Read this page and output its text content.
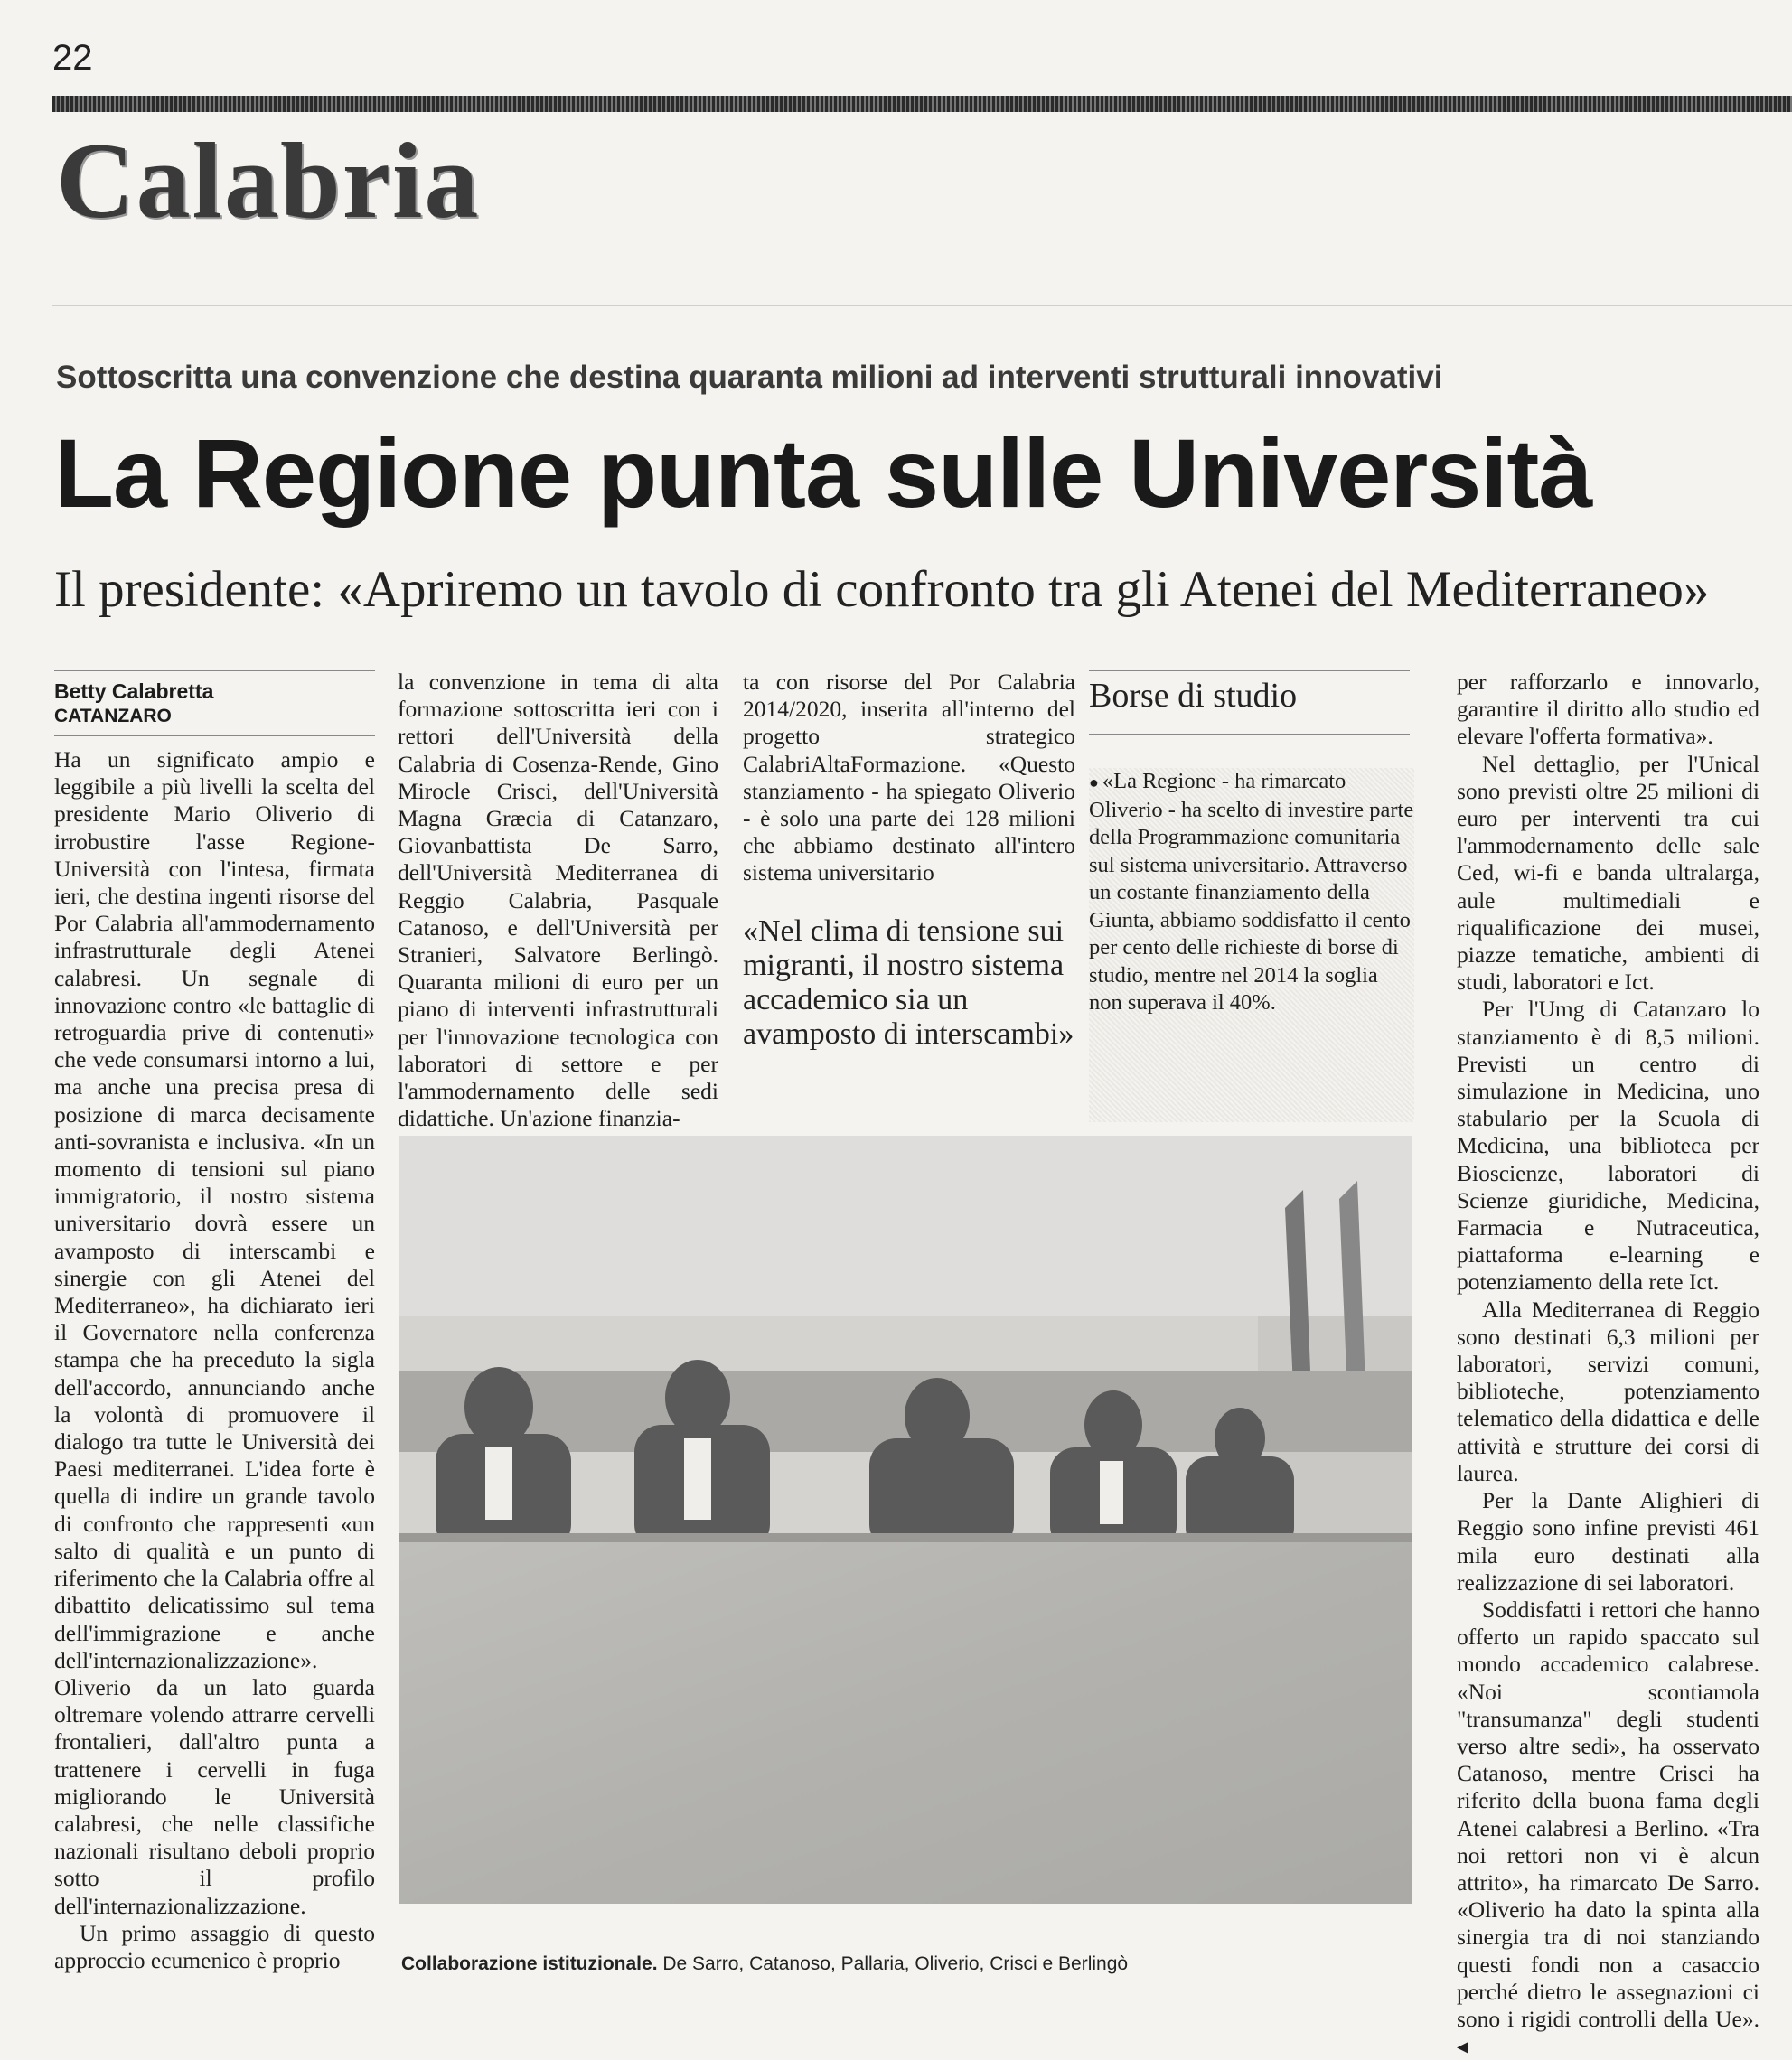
22
Calabria
Sottoscritta una convenzione che destina quaranta milioni ad interventi strutturali innovativi
La Regione punta sulle Università
Il presidente: «Apriremo un tavolo di confronto tra gli Atenei del Mediterraneo»
Betty Calabretta
CATANZARO

Ha un significato ampio e leggibile a più livelli la scelta del presidente Mario Oliverio di irrobustire l'asse Regione-Università con l'intesa, firmata ieri, che destina ingenti risorse del Por Calabria all'ammodernamento infrastrutturale degli Atenei calabresi. Un segnale di innovazione contro «le battaglie di retroguardia prive di contenuti» che vede consumarsi intorno a lui, ma anche una precisa presa di posizione di marca decisamente anti-sovranista e inclusiva. «In un momento di tensioni sul piano immigratorio, il nostro sistema universitario dovrà essere un avamposto di interscambi e sinergie con gli Atenei del Mediterraneo», ha dichiarato ieri il Governatore nella conferenza stampa che ha preceduto la sigla dell'accordo, annunciando anche la volontà di promuovere il dialogo tra tutte le Università dei Paesi mediterranei. L'idea forte è quella di indire un grande tavolo di confronto che rappresenti «un salto di qualità e un punto di riferimento che la Calabria offre al dibattito delicatissimo sul tema dell'immigrazione e anche dell'internazionalizzazione». Oliverio da un lato guarda oltremare volendo attrarre cervelli frontalieri, dall'altro punta a trattenere i cervelli in fuga migliorando le Università calabresi, che nelle classifiche nazionali risultano deboli proprio sotto il profilo dell'internazionalizzazione.

Un primo assaggio di questo approccio ecumenico è proprio

la convenzione in tema di alta formazione sottoscritta ieri con i rettori dell'Università della Calabria di Cosenza-Rende, Gino Mirocle Crisci, dell'Università Magna Græcia di Catanzaro, Giovanbattista De Sarro, dell'Università Mediterranea di Reggio Calabria, Pasquale Catanoso, e dell'Università per Stranieri, Salvatore Berlingò. Quaranta milioni di euro per un piano di interventi infrastrutturali per l'innovazione tecnologica con laboratori di settore e per l'ammodernamento delle sedi didattiche. Un'azione finanzia-

ta con risorse del Por Calabria 2014/2020, inserita all'interno del progetto strategico CalabriAltaFormazione. «Questo stanziamento - ha spiegato Oliverio - è solo una parte dei 128 milioni che abbiamo destinato all'intero sistema universitario

«Nel clima di tensione sui migranti, il nostro sistema accademico sia un avamposto di interscambi»
Borse di studio
● «La Regione - ha rimarcato Oliverio - ha scelto di investire parte della Programmazione comunitaria sul sistema universitario. Attraverso un costante finanziamento della Giunta, abbiamo soddisfatto il cento per cento delle richieste di borse di studio, mentre nel 2014 la soglia non superava il 40%.

per rafforzarlo e innovarlo, garantire il diritto allo studio ed elevare l'offerta formativa».

Nel dettaglio, per l'Unical sono previsti oltre 25 milioni di euro per interventi tra cui l'ammodernamento delle sale Ced, wi-fi e banda ultralarga, aule multimediali e riqualificazione dei musei, piazze tematiche, ambienti di studi, laboratori e Ict.

Per l'Umg di Catanzaro lo stanziamento è di 8,5 milioni. Previsti un centro di simulazione in Medicina, uno stabulario per la Scuola di Medicina, una biblioteca per Bioscienze, laboratori di Scienze giuridiche, Medicina, Farmacia e Nutraceutica, piattaforma e-learning e potenziamento della rete Ict.

Alla Mediterranea di Reggio sono destinati 6,3 milioni per laboratori, servizi comuni, biblioteche, potenziamento telematico della didattica e delle attività e strutture dei corsi di laurea.

Per la Dante Alighieri di Reggio sono infine previsti 461 mila euro destinati alla realizzazione di sei laboratori.

Soddisfatti i rettori che hanno offerto un rapido spaccato sul mondo accademico calabrese. «Noi scontiamola "transumanza" degli studenti verso altre sedi», ha osservato Catanoso, mentre Crisci ha riferito della buona fama degli Atenei calabresi a Berlino. «Tra noi rettori non vi è alcun attrito», ha rimarcato De Sarro. «Oliverio ha dato la spinta alla sinergia tra di noi stanziando questi fondi non a casaccio perché dietro le assegnazioni ci sono i rigidi controlli della Ue». ◂

Collaborazione istituzionale. De Sarro, Catanoso, Pallaria, Oliverio, Crisci e Berlingò
